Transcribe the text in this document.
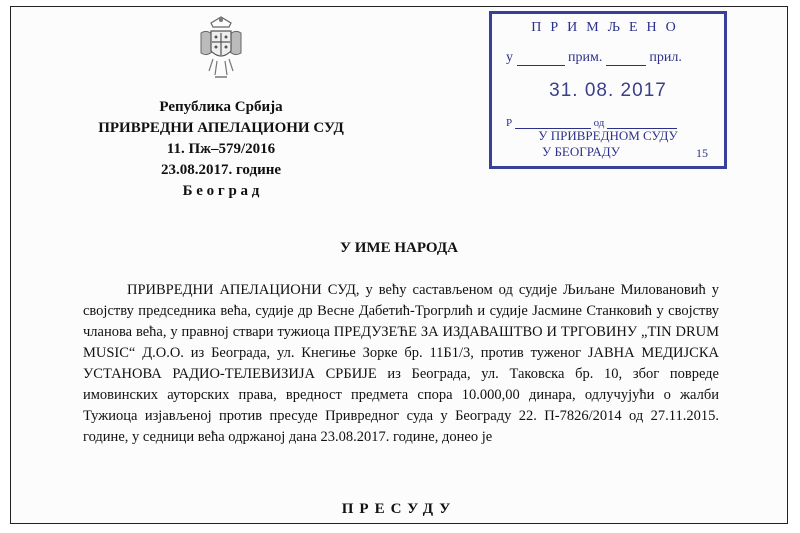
Република Србија
ПРИВРЕДНИ АПЕЛАЦИОНИ СУД
11. Пж–579/2016
23.08.2017. године
Б е о г р а д
ПРИМЉЕНО
у	прим.	прил.
31. 08. 2017
Р	од
У ПРИВРЕДНОМ СУДУ
У БЕОГРАДУ	15
У ИМЕ НАРОДА

ПРИВРЕДНИ АПЕЛАЦИОНИ СУД, у већу састављеном од судије Љиљане Миловановић у својству председника већа, судије др Весне Дабетић-Трогрлић и судије Јасмине Станковић у својству чланова већа, у правној ствари тужиоца ПРЕДУЗЕЋЕ ЗА ИЗДАВАШТВО И ТРГОВИНУ „TIN DRUM MUSIC“ Д.О.О. из Београда, ул. Кнегиње Зорке бр. 11Б1/3, против туженог ЈАВНА МЕДИЈСКА УСТАНОВА РАДИО-ТЕЛЕВИЗИЈА СРБИЈЕ из Београда, ул. Таковска бр. 10, због повреде имовинских ауторских права, вредност предмета спора 10.000,00 динара, одлучујући о жалби Тужиоца изјављеној против пресуде Привредног суда у Београду 22. П-7826/2014 од 27.11.2015. године, у седници већа одржаној дана 23.08.2017. године, донео је

ПРЕСУДУ
